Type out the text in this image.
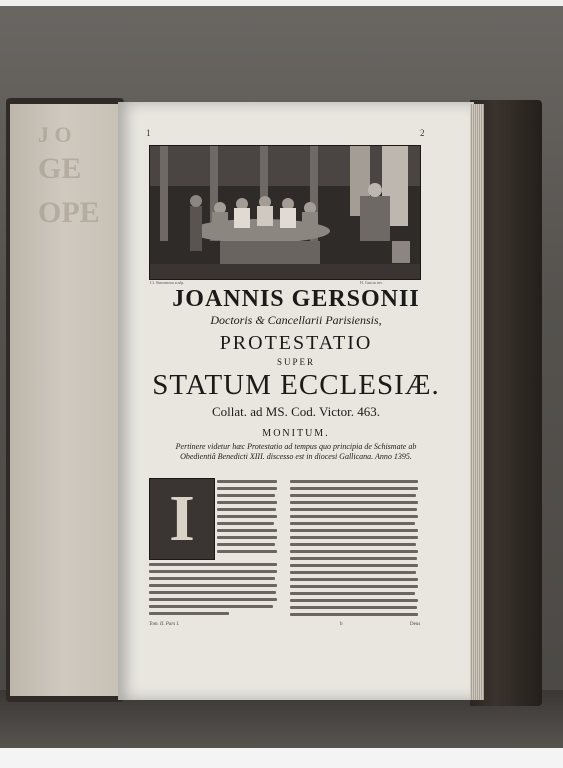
J O
GE
OPE
1	2
Cl. Simonneau sculp.	H. Gascar inv.
JOANNIS GERSONII
Doctoris & Cancellarii Parisiensis,
PROTESTATIO
SUPER
STATUM ECCLESIÆ.
Collat. ad MS. Cod. Victor. 463.
MONITUM.
Pertinere videtur hæc Protestatio ad tempus quo principia de Schismate ab
Obedientiâ Benedicti XIII. discesso est in diocesi Gallicana. Anno 1395.
I
Tom. II. Pars I.	b	Deus
